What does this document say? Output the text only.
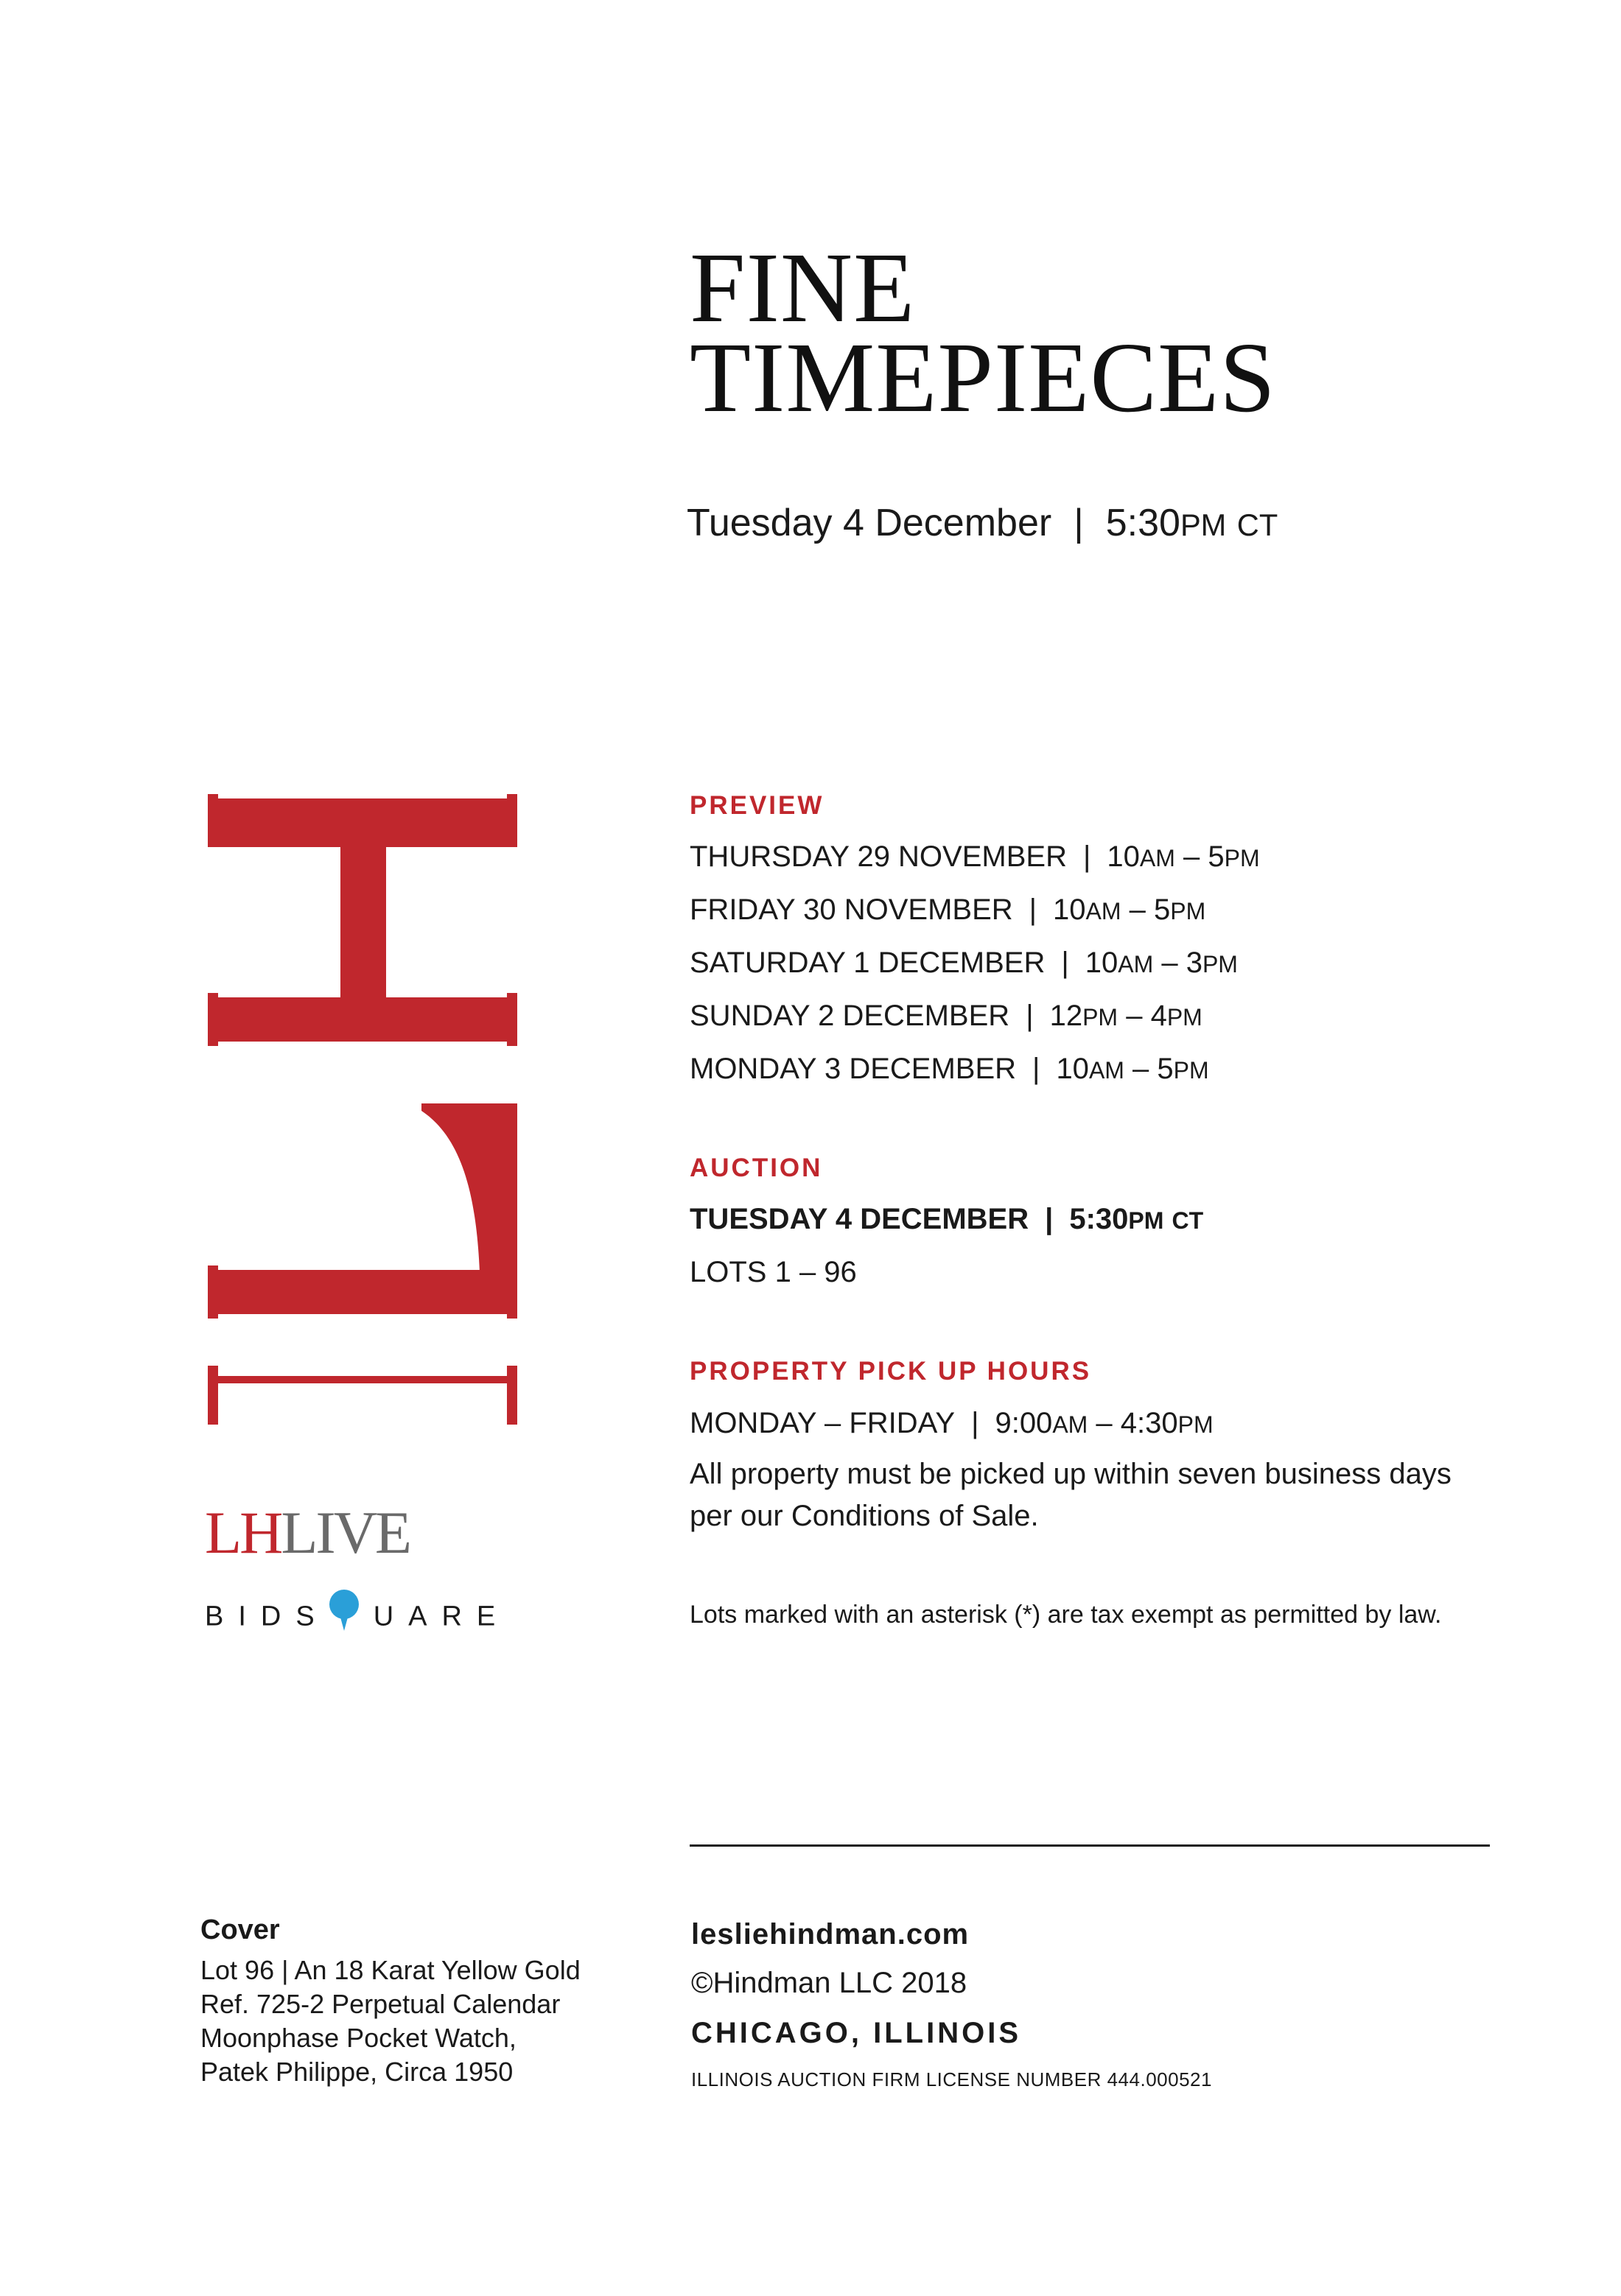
FINE
TIMEPIECES
Tuesday 4 December | 5:30PM CT
LHLIVE
BIDS UARE
PREVIEW
THURSDAY 29 NOVEMBER | 10AM – 5PM
FRIDAY 30 NOVEMBER | 10AM – 5PM
SATURDAY 1 DECEMBER | 10AM – 3PM
SUNDAY 2 DECEMBER | 12PM – 4PM
MONDAY 3 DECEMBER | 10AM – 5PM
AUCTION
TUESDAY 4 DECEMBER | 5:30PM CT
LOTS 1 – 96
PROPERTY PICK UP HOURS
MONDAY – FRIDAY | 9:00AM – 4:30PM
All property must be picked up within seven business days
per our Conditions of Sale.
Lots marked with an asterisk (*) are tax exempt as permitted by law.
Cover
Lot 96 | An 18 Karat Yellow Gold
Ref. 725-2 Perpetual Calendar
Moonphase Pocket Watch,
Patek Philippe, Circa 1950
lesliehindman.com
©Hindman LLC 2018
CHICAGO, ILLINOIS
ILLINOIS AUCTION FIRM LICENSE NUMBER 444.000521
